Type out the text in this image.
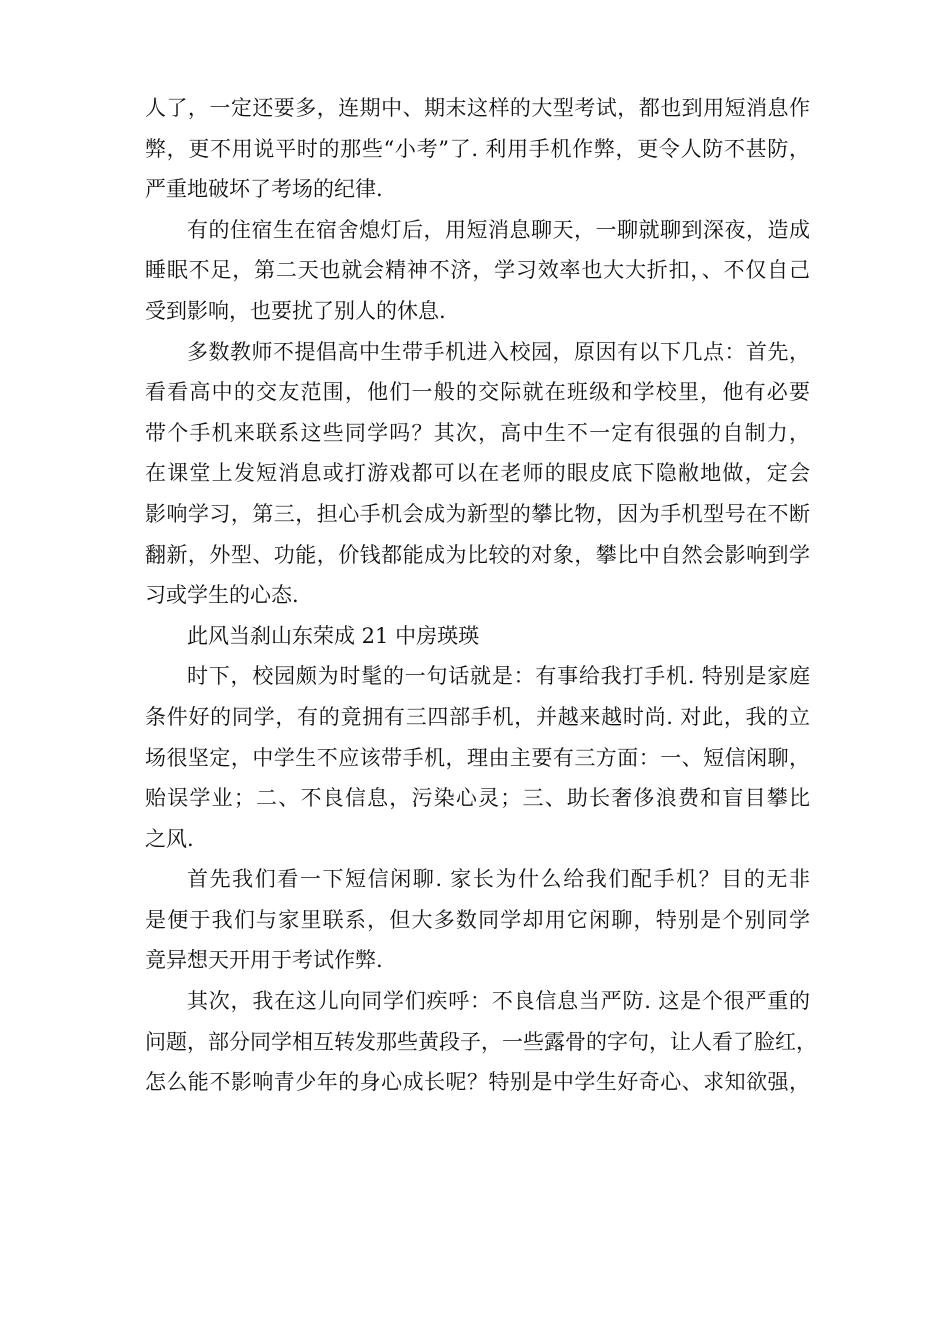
人了，一定还要多，连期中、期末这样的大型考试，都也到用短消息作
弊，更不用说平时的那些“小考”了. 利用手机作弊，更令人防不甚防，
严重地破坏了考场的纪律.
有的住宿生在宿舍熄灯后，用短消息聊天，一聊就聊到深夜，造成
睡眠不足，第二天也就会精神不济，学习效率也大大折扣，、不仅自己
受到影响，也要扰了别人的休息.
多数教师不提倡高中生带手机进入校园，原因有以下几点：首先，
看看高中的交友范围，他们一般的交际就在班级和学校里，他有必要
带个手机来联系这些同学吗？其次，高中生不一定有很强的自制力，
在课堂上发短消息或打游戏都可以在老师的眼皮底下隐敝地做，定会
影响学习，第三，担心手机会成为新型的攀比物，因为手机型号在不断
翻新，外型、功能，价钱都能成为比较的对象，攀比中自然会影响到学
习或学生的心态.
此风当刹山东荣成 21 中房瑛瑛
时下，校园颇为时髦的一句话就是：有事给我打手机. 特别是家庭
条件好的同学，有的竟拥有三四部手机，并越来越时尚. 对此，我的立
场很坚定，中学生不应该带手机，理由主要有三方面：一、短信闲聊，
贻误学业；二、不良信息，污染心灵；三、助长奢侈浪费和盲目攀比
之风.
首先我们看一下短信闲聊. 家长为什么给我们配手机？目的无非
是便于我们与家里联系，但大多数同学却用它闲聊，特别是个别同学
竟异想天开用于考试作弊.
其次，我在这儿向同学们疾呼：不良信息当严防. 这是个很严重的
问题，部分同学相互转发那些黄段子，一些露骨的字句，让人看了脸红，
怎么能不影响青少年的身心成长呢？特别是中学生好奇心、求知欲强，
